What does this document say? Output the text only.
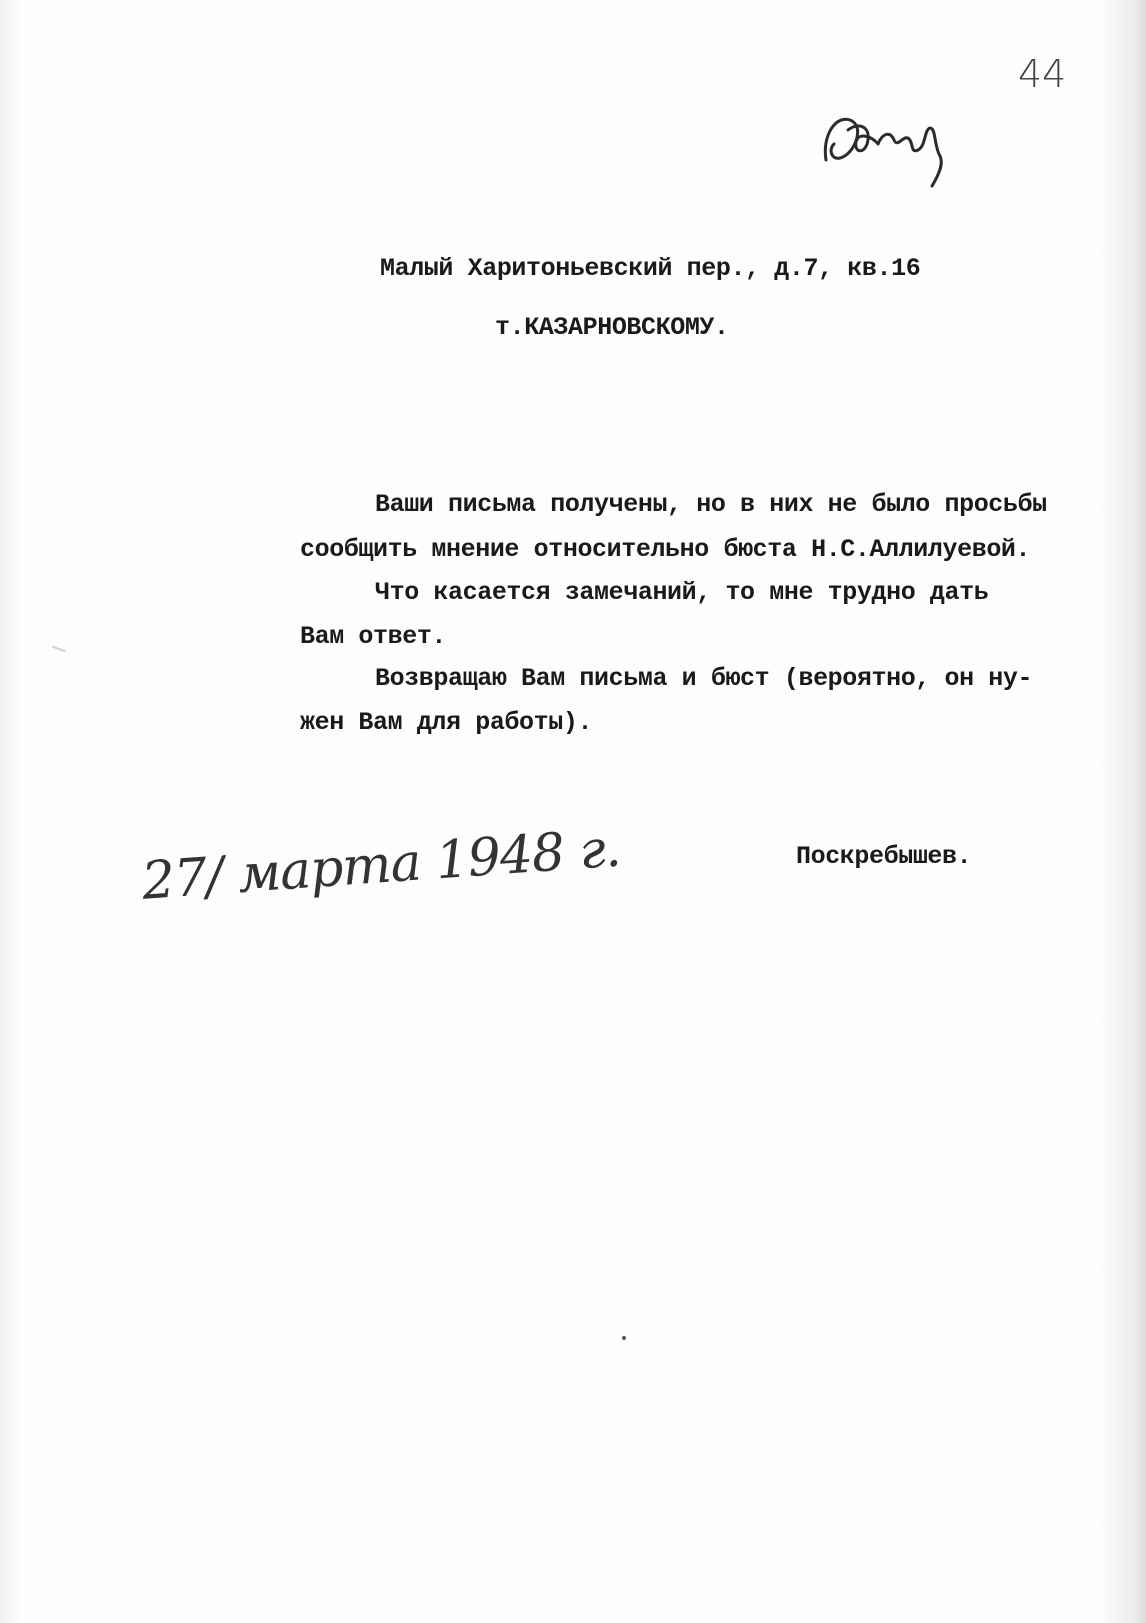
44
Малый Харитоньевский пер., д.7, кв.16
т.КАЗАРНОВСКОМУ.
Ваши письма получены, но в них не было просьбы
сообщить мнение относительно бюста Н.С.Аллилуевой.
Что касается замечаний, то мне трудно дать
Вам ответ.
Возвращаю Вам письма и бюст (вероятно, он ну-
жен Вам для работы).
Поскребышев.
27/ марта 1948 г.
